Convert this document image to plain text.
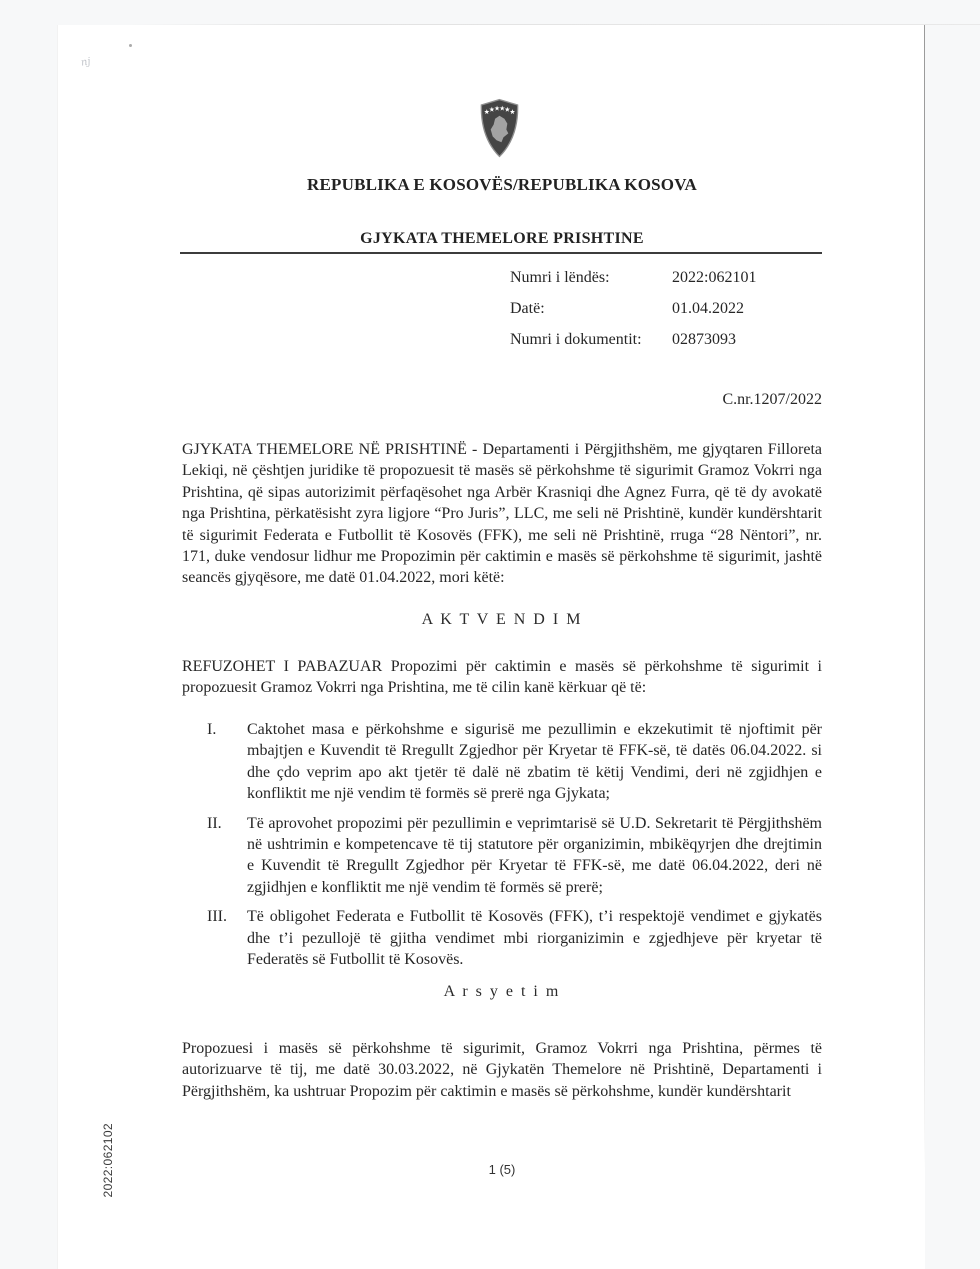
nj
REPUBLIKA E KOSOVËS/REPUBLIKA KOSOVA
GJYKATA THEMELORE PRISHTINE
Numri i lëndës:	2022:062101
Datë:	01.04.2022
Numri i dokumentit:	02873093
C.nr.1207/2022

GJYKATA THEMELORE NË PRISHTINË - Departamenti i Përgjithshëm, me gjyqtaren Filloreta Lekiqi, në çështjen juridike të propozuesit të masës së përkohshme të sigurimit Gramoz Vokrri nga Prishtina, që sipas autorizimit përfaqësohet nga Arbër Krasniqi dhe Agnez Furra, që të dy avokatë nga Prishtina, përkatësisht zyra ligjore “Pro Juris”, LLC, me seli në Prishtinë, kundër kundërshtarit të sigurimit Federata e Futbollit të Kosovës (FFK), me seli në Prishtinë, rruga “28 Nëntori”, nr. 171, duke vendosur lidhur me Propozimin për caktimin e masës së përkohshme të sigurimit, jashtë seancës gjyqësore, me datë 01.04.2022, mori këtë:

A K T V E N D I M

REFUZOHET I PABAZUAR Propozimi për caktimin e masës së përkohshme të sigurimit i propozuesit Gramoz Vokrri nga Prishtina, me të cilin kanë kërkuar që të:

I.	Caktohet masa e përkohshme e sigurisë me pezullimin e ekzekutimit të njoftimit për mbajtjen e Kuvendit të Rregullt Zgjedhor për Kryetar të FFK-së, të datës 06.04.2022. si dhe çdo veprim apo akt tjetër të dalë në zbatim të këtij Vendimi, deri në zgjidhjen e konfliktit me një vendim të formës së prerë nga Gjykata;
II.	Të aprovohet propozimi për pezullimin e veprimtarisë së U.D. Sekretarit të Përgjithshëm në ushtrimin e kompetencave të tij statutore për organizimin, mbikëqyrjen dhe drejtimin e Kuvendit të Rregullt Zgjedhor për Kryetar të FFK-së, me datë 06.04.2022, deri në zgjidhjen e konfliktit me një vendim të formës së prerë;
III.	Të obligohet Federata e Futbollit të Kosovës (FFK), t’i respektojë vendimet e gjykatës dhe t’i pezullojë të gjitha vendimet mbi riorganizimin e zgjedhjeve për kryetar të Federatës së Futbollit të Kosovës.
A r s y e t i m

Propozuesi i masës së përkohshme të sigurimit, Gramoz Vokrri nga Prishtina, përmes të autorizuarve të tij, me datë 30.03.2022, në Gjykatën Themelore në Prishtinë, Departamenti i Përgjithshëm, ka ushtruar Propozim për caktimin e masës së përkohshme, kundër kundërshtarit

1 (5)
2022:062102
